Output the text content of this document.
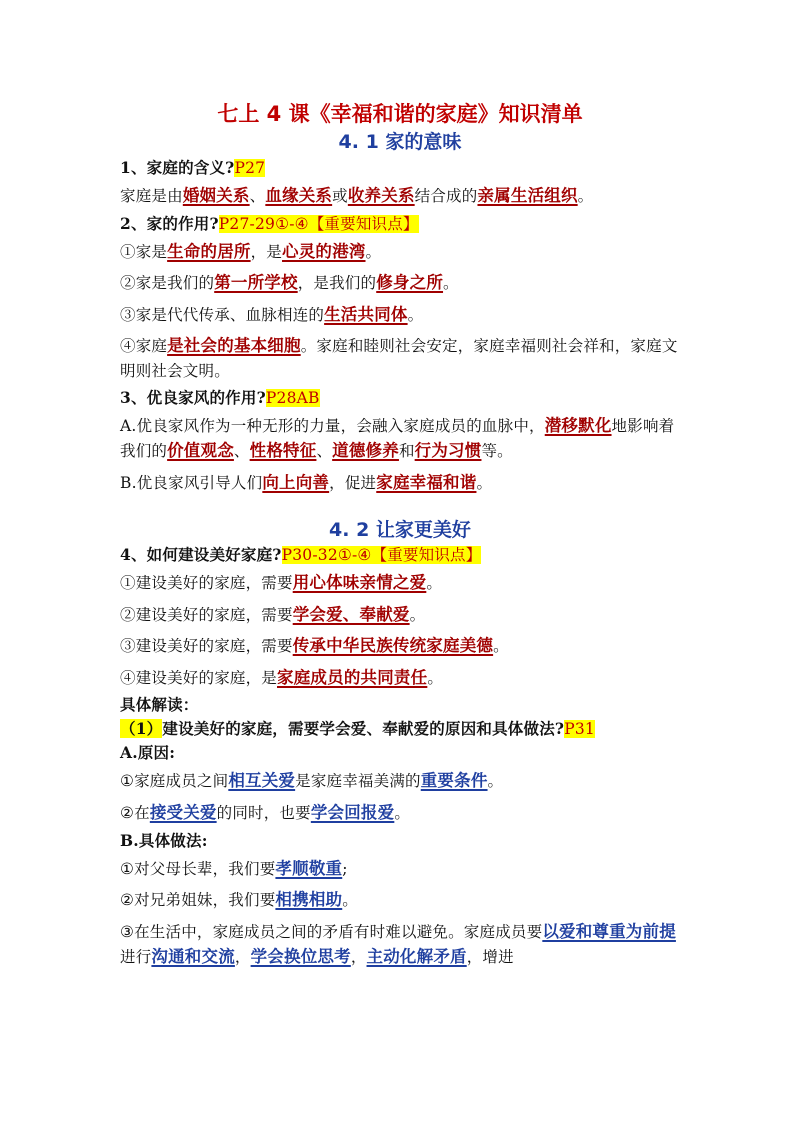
七上 4 课《幸福和谐的家庭》知识清单
4. 1 家的意味

1、家庭的含义?P27

家庭是由婚姻关系、血缘关系或收养关系结合成的亲属生活组织。

2、家的作用?P27-29①-④【重要知识点】

①家是生命的居所，是心灵的港湾。

②家是我们的第一所学校，是我们的修身之所。

③家是代代传承、血脉相连的生活共同体。

④家庭是社会的基本细胞。家庭和睦则社会安定，家庭幸福则社会祥和，家庭文明则社会文明。

3、优良家风的作用?P28AB

A.优良家风作为一种无形的力量，会融入家庭成员的血脉中，潜移默化地影响着我们的价值观念、性格特征、道德修养和行为习惯等。

B.优良家风引导人们向上向善，促进家庭幸福和谐。

4. 2 让家更美好

4、如何建设美好家庭?P30-32①-④【重要知识点】

①建设美好的家庭，需要用心体味亲情之爱。

②建设美好的家庭，需要学会爱、奉献爱。

③建设美好的家庭，需要传承中华民族传统家庭美德。

④建设美好的家庭，是家庭成员的共同责任。

具体解读：

（1）建设美好的家庭，需要学会爱、奉献爱的原因和具体做法?P31

A.原因:

①家庭成员之间相互关爱是家庭幸福美满的重要条件。

②在接受关爱的同时，也要学会回报爱。

B.具体做法:

①对父母长辈，我们要孝顺敬重;

②对兄弟姐妹，我们要相携相助。

③在生活中，家庭成员之间的矛盾有时难以避免。家庭成员要以爱和尊重为前提进行沟通和交流，学会换位思考，主动化解矛盾，增进
